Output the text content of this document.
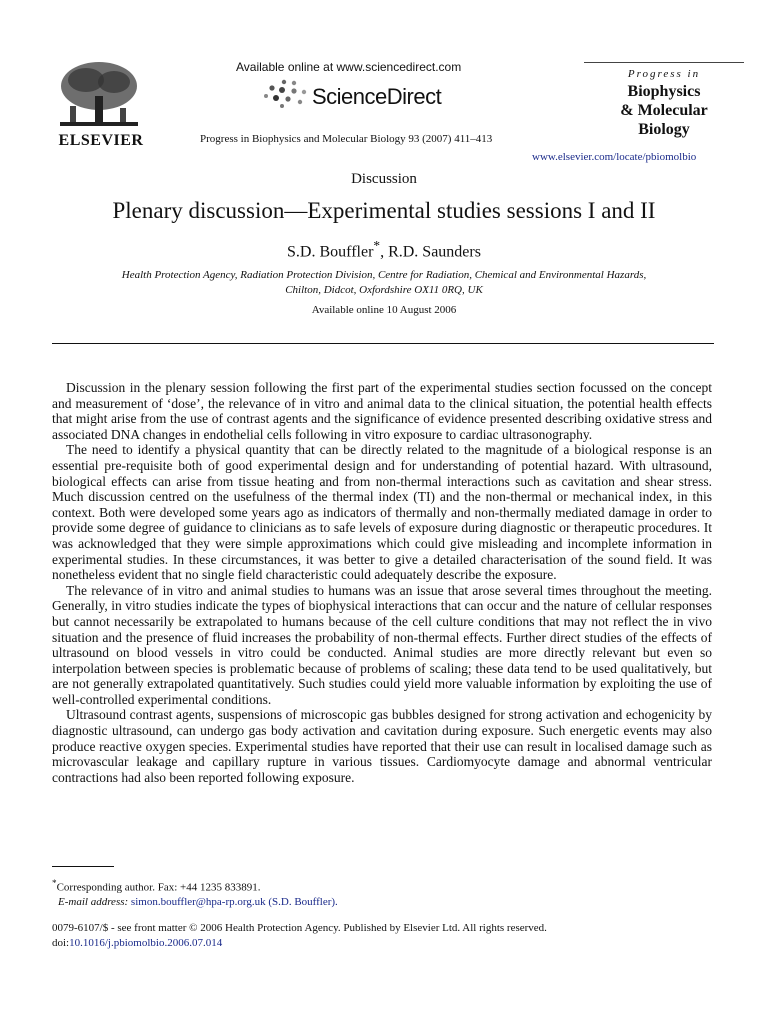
ELSEVIER
Available online at www.sciencedirect.com
ScienceDirect
Progress in Biophysics and Molecular Biology 93 (2007) 411–413
Progress in
Biophysics
& Molecular
Biology
www.elsevier.com/locate/pbiomolbio
Discussion
Plenary discussion—Experimental studies sessions I and II
S.D. Bouffler*, R.D. Saunders
Health Protection Agency, Radiation Protection Division, Centre for Radiation, Chemical and Environmental Hazards,
Chilton, Didcot, Oxfordshire OX11 0RQ, UK
Available online 10 August 2006

Discussion in the plenary session following the first part of the experimental studies section focussed on the concept and measurement of ‘dose’, the relevance of in vitro and animal data to the clinical situation, the potential health effects that might arise from the use of contrast agents and the significance of evidence presented describing oxidative stress and associated DNA changes in endothelial cells following in vitro exposure to cardiac ultrasonography.

The need to identify a physical quantity that can be directly related to the magnitude of a biological response is an essential pre-requisite both of good experimental design and for understanding of potential hazard. With ultrasound, biological effects can arise from tissue heating and from non-thermal interactions such as cavitation and shear stress. Much discussion centred on the usefulness of the thermal index (TI) and the non-thermal or mechanical index, in this context. Both were developed some years ago as indicators of thermally and non-thermally mediated damage in order to provide some degree of guidance to clinicians as to safe levels of exposure during diagnostic or therapeutic procedures. It was acknowledged that they were simple approximations which could give misleading and incomplete information in experimental studies. In these circumstances, it was better to give a detailed characterisation of the sound field. It was nonetheless evident that no single field characteristic could adequately describe the exposure.

The relevance of in vitro and animal studies to humans was an issue that arose several times throughout the meeting. Generally, in vitro studies indicate the types of biophysical interactions that can occur and the nature of cellular responses but cannot necessarily be extrapolated to humans because of the cell culture conditions that may not reflect the in vivo situation and the presence of fluid increases the probability of non-thermal effects. Further direct studies of the effects of ultrasound on blood vessels in vitro could be conducted. Animal studies are more directly relevant but even so interpolation between species is problematic because of problems of scaling; these data tend to be used qualitatively, but are not generally extrapolated quantitatively. Such studies could yield more valuable information by exploiting the use of well-controlled experimental conditions.

Ultrasound contrast agents, suspensions of microscopic gas bubbles designed for strong activation and echogenicity by diagnostic ultrasound, can undergo gas body activation and cavitation during exposure. Such energetic events may also produce reactive oxygen species. Experimental studies have reported that their use can result in localised damage such as microvascular leakage and capillary rupture in various tissues. Cardiomyocyte damage and abnormal ventricular contractions had also been reported following exposure.

*Corresponding author. Fax: +44 1235 833891.
E-mail address: simon.bouffler@hpa-rp.org.uk (S.D. Bouffler).
0079-6107/$ - see front matter © 2006 Health Protection Agency. Published by Elsevier Ltd. All rights reserved.
doi:10.1016/j.pbiomolbio.2006.07.014
